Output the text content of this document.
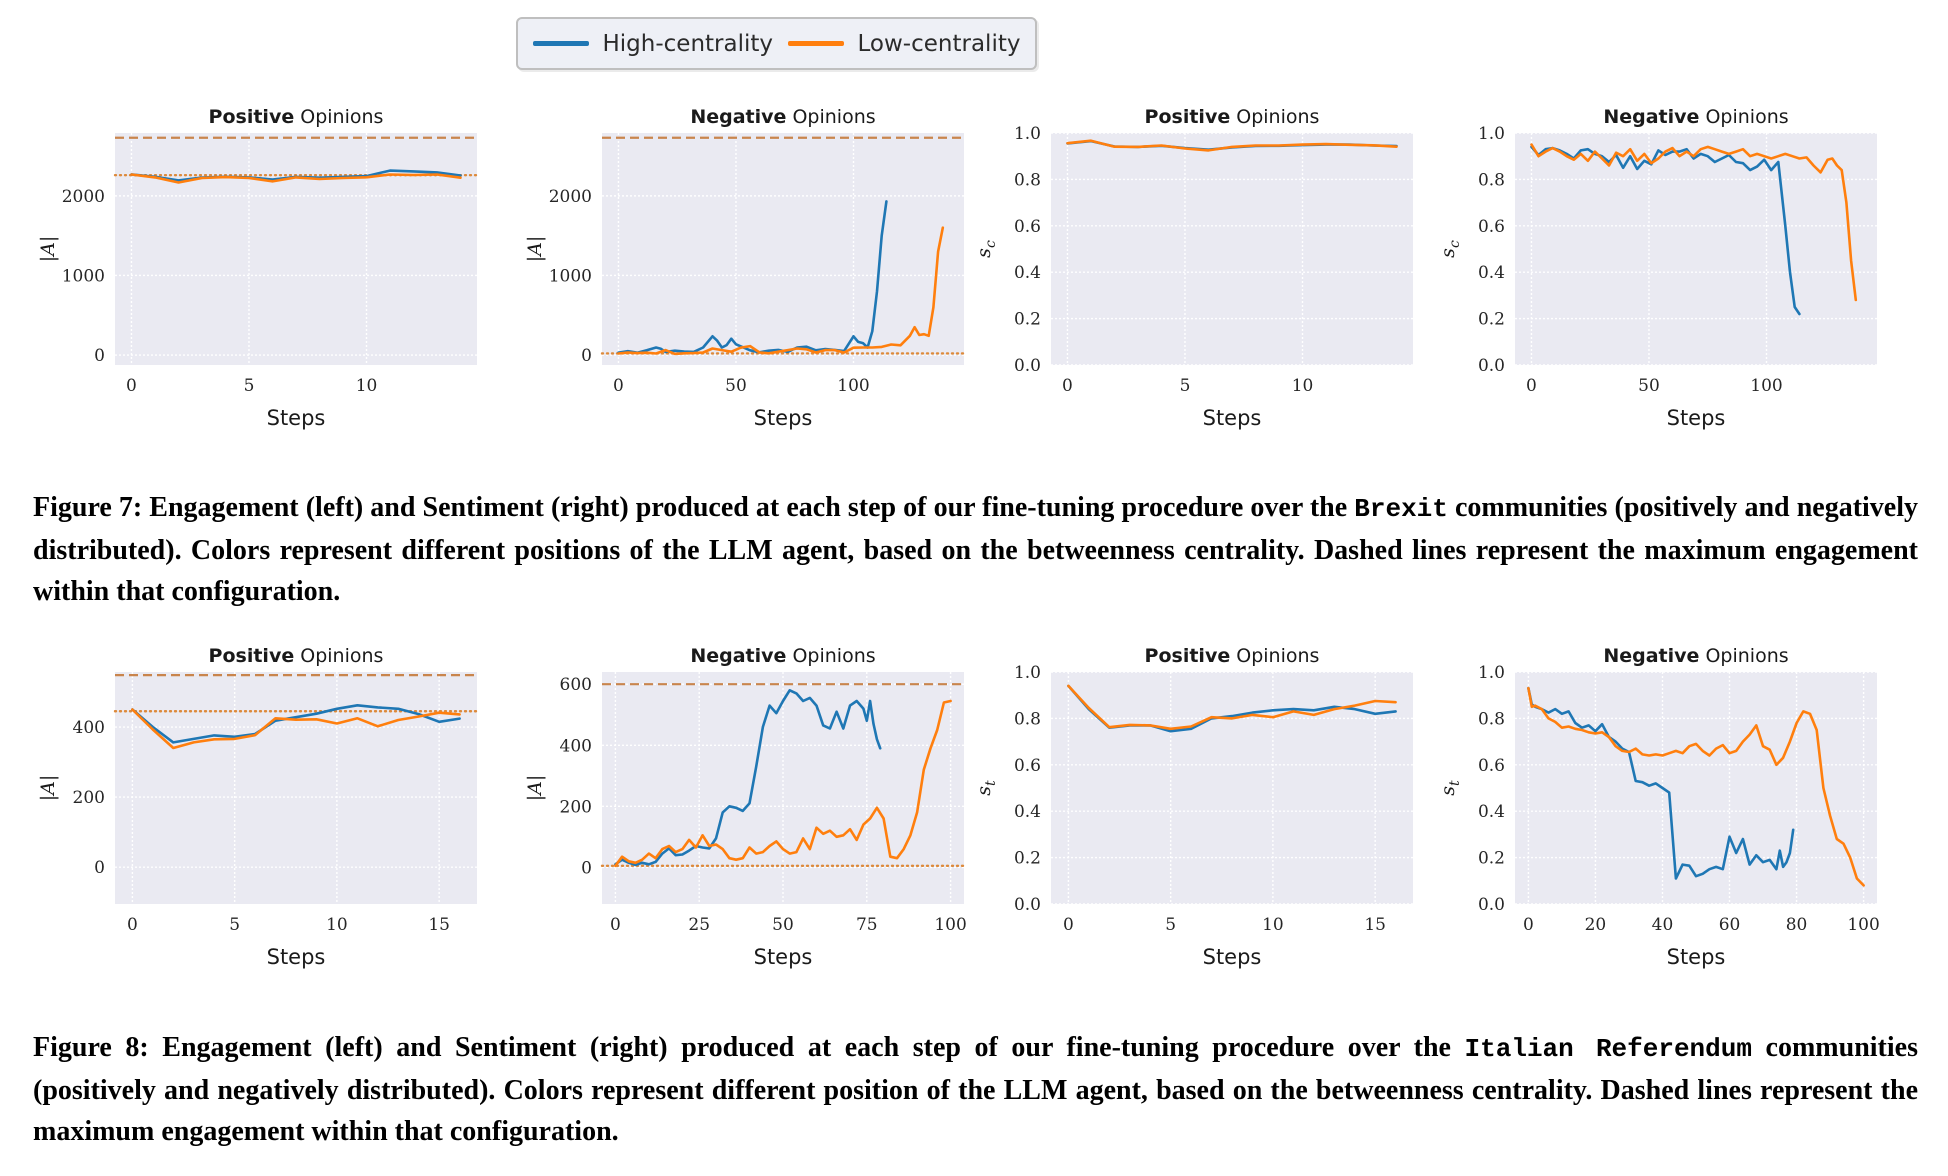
High-centrality	Low-centrality
0
1000
2000
0	5	10
Positive Opinions
Steps
|A|
0
1000
2000
0	50	100
Negative Opinions
Steps
|A|
0.0
0.2
0.4
0.6
0.8
1.0
0	5	10
Positive Opinions
Steps
$s_c$
0.0
0.2
0.4
0.6
0.8
1.0
0	50	100
Negative Opinions
Steps
$s_c$

Figure 7: Engagement (left) and Sentiment (right) produced at each step of our fine-tuning procedure over the Brexit communities (positively and negatively distributed). Colors represent different positions of the LLM agent, based on the betweenness centrality. Dashed lines represent the maximum engagement within that configuration.

0
200
400
0	5	10	15
Positive Opinions
Steps
|A|
0
200
400
600
0	25	50	75	100
Negative Opinions
Steps
|A|
0.0
0.2
0.4
0.6
0.8
1.0
0	5	10	15
Positive Opinions
Steps
$s_t$
0.0
0.2
0.4
0.6
0.8
1.0
0	20	40	60	80 100
Negative Opinions
Steps
$s_t$

Figure 8: Engagement (left) and Sentiment (right) produced at each step of our fine-tuning procedure over the Italian Referendum communities (positively and negatively distributed). Colors represent different position of the LLM agent, based on the betweenness centrality. Dashed lines represent the maximum engagement within that configuration.
